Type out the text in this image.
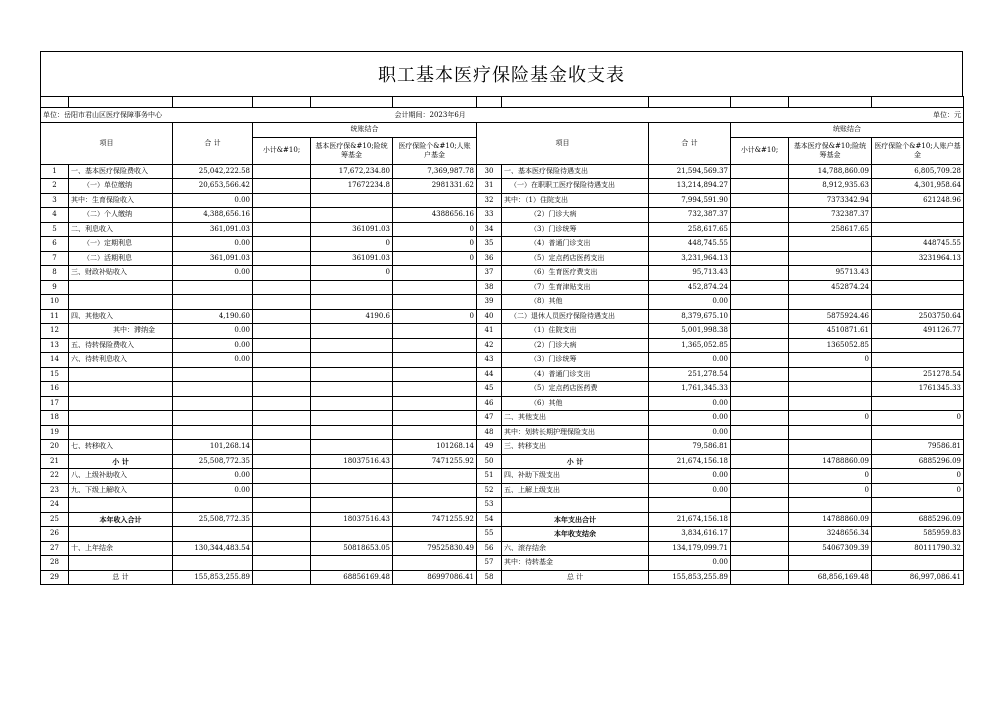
职工基本医疗保险基金收支表

单位：岳阳市君山区医疗保障事务中心					会计期间：2023年6月			单位：元			
项目		合 计	统账结合			项目		合 计	统账结合		
			小计&#10;	基本医疗保&#10;险统筹基金	医疗保险个&#10;人账户基金				小计&#10;	基本医疗保&#10;险统筹基金	医疗保险个&#10;人账户基金
1	一、基本医疗保险费收入	25,042,222.58		17,672,234.80	7,369,987.78	30	一、基本医疗保险待遇支出	21,594,569.37		14,788,860.09	6,805,709.28
2	（一）单位缴纳	20,653,566.42		17672234.8	2981331.62	31	（一）在职职工医疗保险待遇支出	13,214,894.27		8,912,935.63	4,301,958.64
3	其中：生育保险收入	0.00				32	其中：（1）住院支出	7,994,591.90		7373342.94	621248.96
4	（二）个人缴纳	4,388,656.16			4388656.16	33	（2）门诊大病	732,387.37		732387.37	
5	二、利息收入	361,091.03		361091.03	0	34	（3）门诊统筹	258,617.65		258617.65	
6	（一）定期利息	0.00		0	0	35	（4）普通门诊支出	448,745.55			448745.55
7	（二）活期利息	361,091.03		361091.03	0	36	（5）定点药店医药支出	3,231,964.13			3231964.13
8	三、财政补贴收入	0.00		0		37	（6）生育医疗费支出	95,713.43		95713.43	
9						38	（7）生育津贴支出	452,874.24		452874.24	
10						39	（8）其他	0.00			
11	四、其他收入	4,190.60		4190.6	0	40	（二）退休人员医疗保险待遇支出	8,379,675.10		5875924.46	2503750.64
12	其中：滞纳金	0.00				41	（1）住院支出	5,001,998.38		4510871.61	491126.77
13	五、待转保险费收入	0.00				42	（2）门诊大病	1,365,052.85		1365052.85	
14	六、待转利息收入	0.00				43	（3）门诊统筹	0.00		0	
15						44	（4）普通门诊支出	251,278.54			251278.54
16						45	（5）定点药店医药费	1,761,345.33			1761345.33
17						46	（6）其他	0.00			
18						47	二、其他支出	0.00		0	0
19						48	其中：划转长期护理保险支出	0.00			
20	七、转移收入	101,268.14			101268.14	49	三、转移支出	79,586.81			79586.81
21	小 计	25,508,772.35		18037516.43	7471255.92	50	小 计	21,674,156.18		14788860.09	6885296.09
22	八、上级补助收入	0.00				51	四、补助下级支出	0.00		0	0
23	九、下级上解收入	0.00				52	五、上解上级支出	0.00		0	0
24						53					
25	本年收入合计	25,508,772.35		18037516.43	7471255.92	54	本年支出合计	21,674,156.18		14788860.09	6885296.09
26						55	本年收支结余	3,834,616.17		3248656.34	585959.83
27	十、上年结余	130,344,483.54		50818653.05	79525830.49	56	六、滚存结余	134,179,099.71		54067309.39	80111790.32
28						57	其中：待转基金	0.00			
29	总 计	155,853,255.89		68856169.48	86997086.41	58	总 计	155,853,255.89		68,856,169.48	86,997,086.41
